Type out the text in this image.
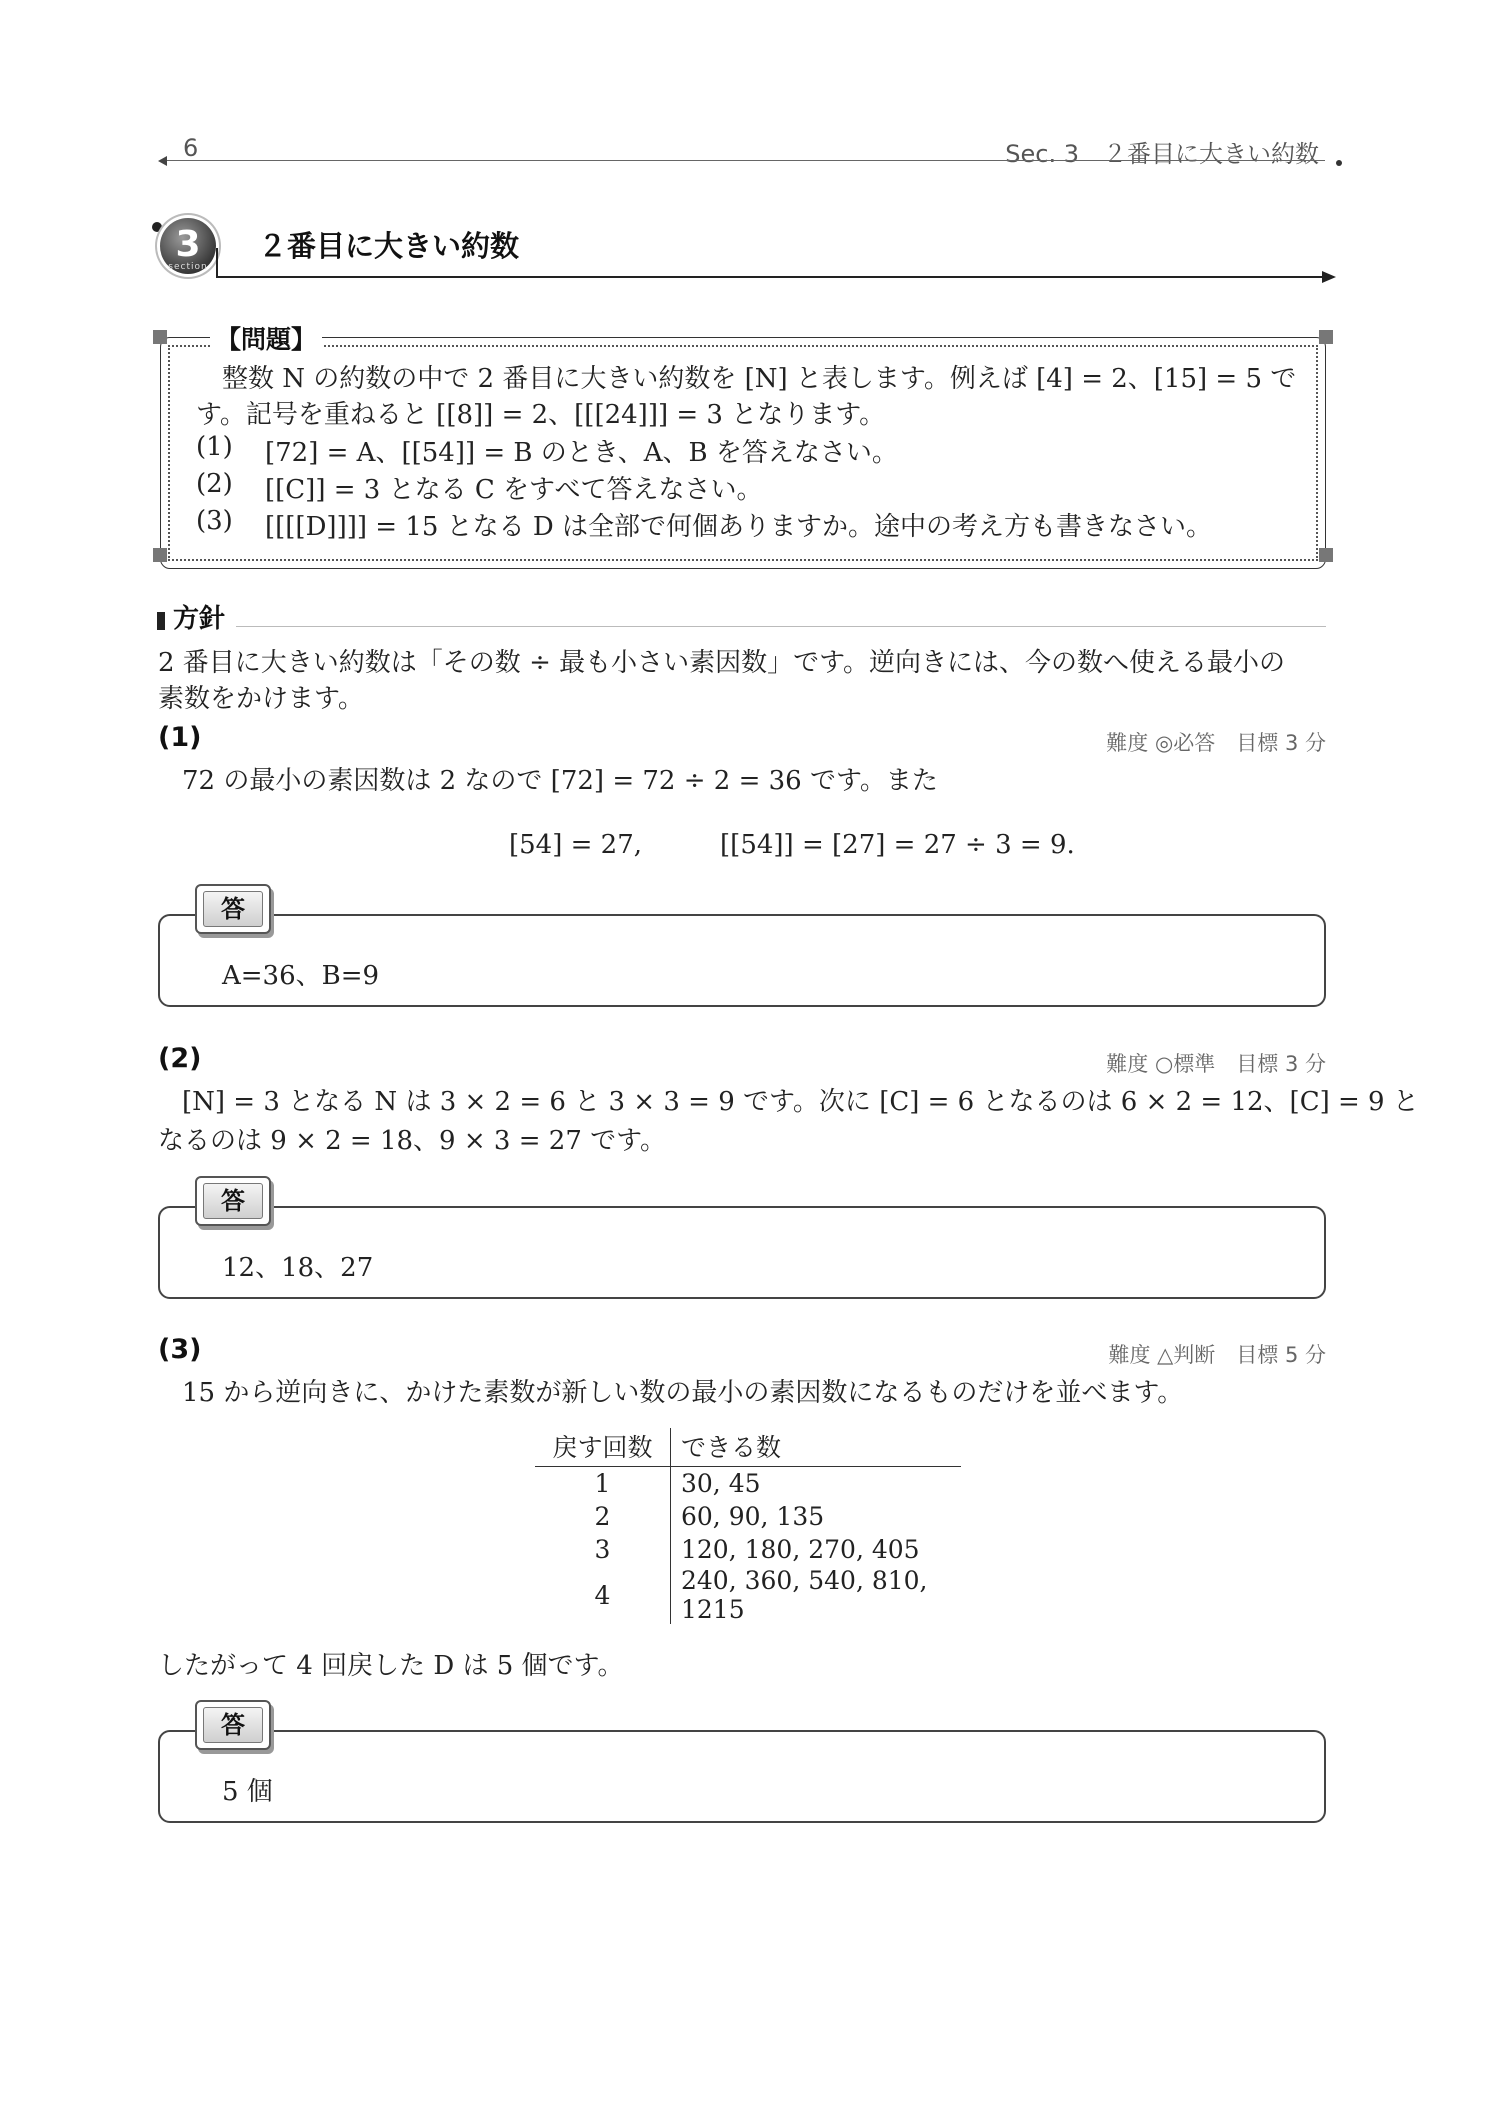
6	Sec. 3　２番目に大きい約数
3
section
２番目に大きい約数
【問題】
整数 N の約数の中で 2 番目に大きい約数を [N] と表します。例えば [4] = 2、[15] = 5 で
す。記号を重ねると [[8]] = 2、[[[24]]] = 3 となります。
(1) [72] = A、[[54]] = B のとき、A、B を答えなさい。
(2) [[C]] = 3 となる C をすべて答えなさい。
(3) [[[[D]]]] = 15 となる D は全部で何個ありますか。途中の考え方も書きなさい。
方針
2 番目に大きい約数は「その数 ÷ 最も小さい素因数」です。逆向きには、今の数へ使える最小の
素数をかけます。
(1)	難度 ◎必答　目標 3 分
72 の最小の素因数は 2 なので [72] = 72 ÷ 2 = 36 です。また
[54] = 27,　　　[[54]] = [27] = 27 ÷ 3 = 9.
答
A=36、B=9
(2)	難度 ○標準　目標 3 分
[N] = 3 となる N は 3 × 2 = 6 と 3 × 3 = 9 です。次に [C] = 6 となるのは 6 × 2 = 12、[C] = 9 と
なるのは 9 × 2 = 18、9 × 3 = 27 です。
答
12、18、27
(3)	難度 △判断　目標 5 分
15 から逆向きに、かけた素数が新しい数の最小の素因数になるものだけを並べます。
戻す回数	できる数
1	30, 45
2	60, 90, 135
3	120, 180, 270, 405
4	240, 360, 540, 810, 1215
したがって 4 回戻した D は 5 個です。
答
5 個
